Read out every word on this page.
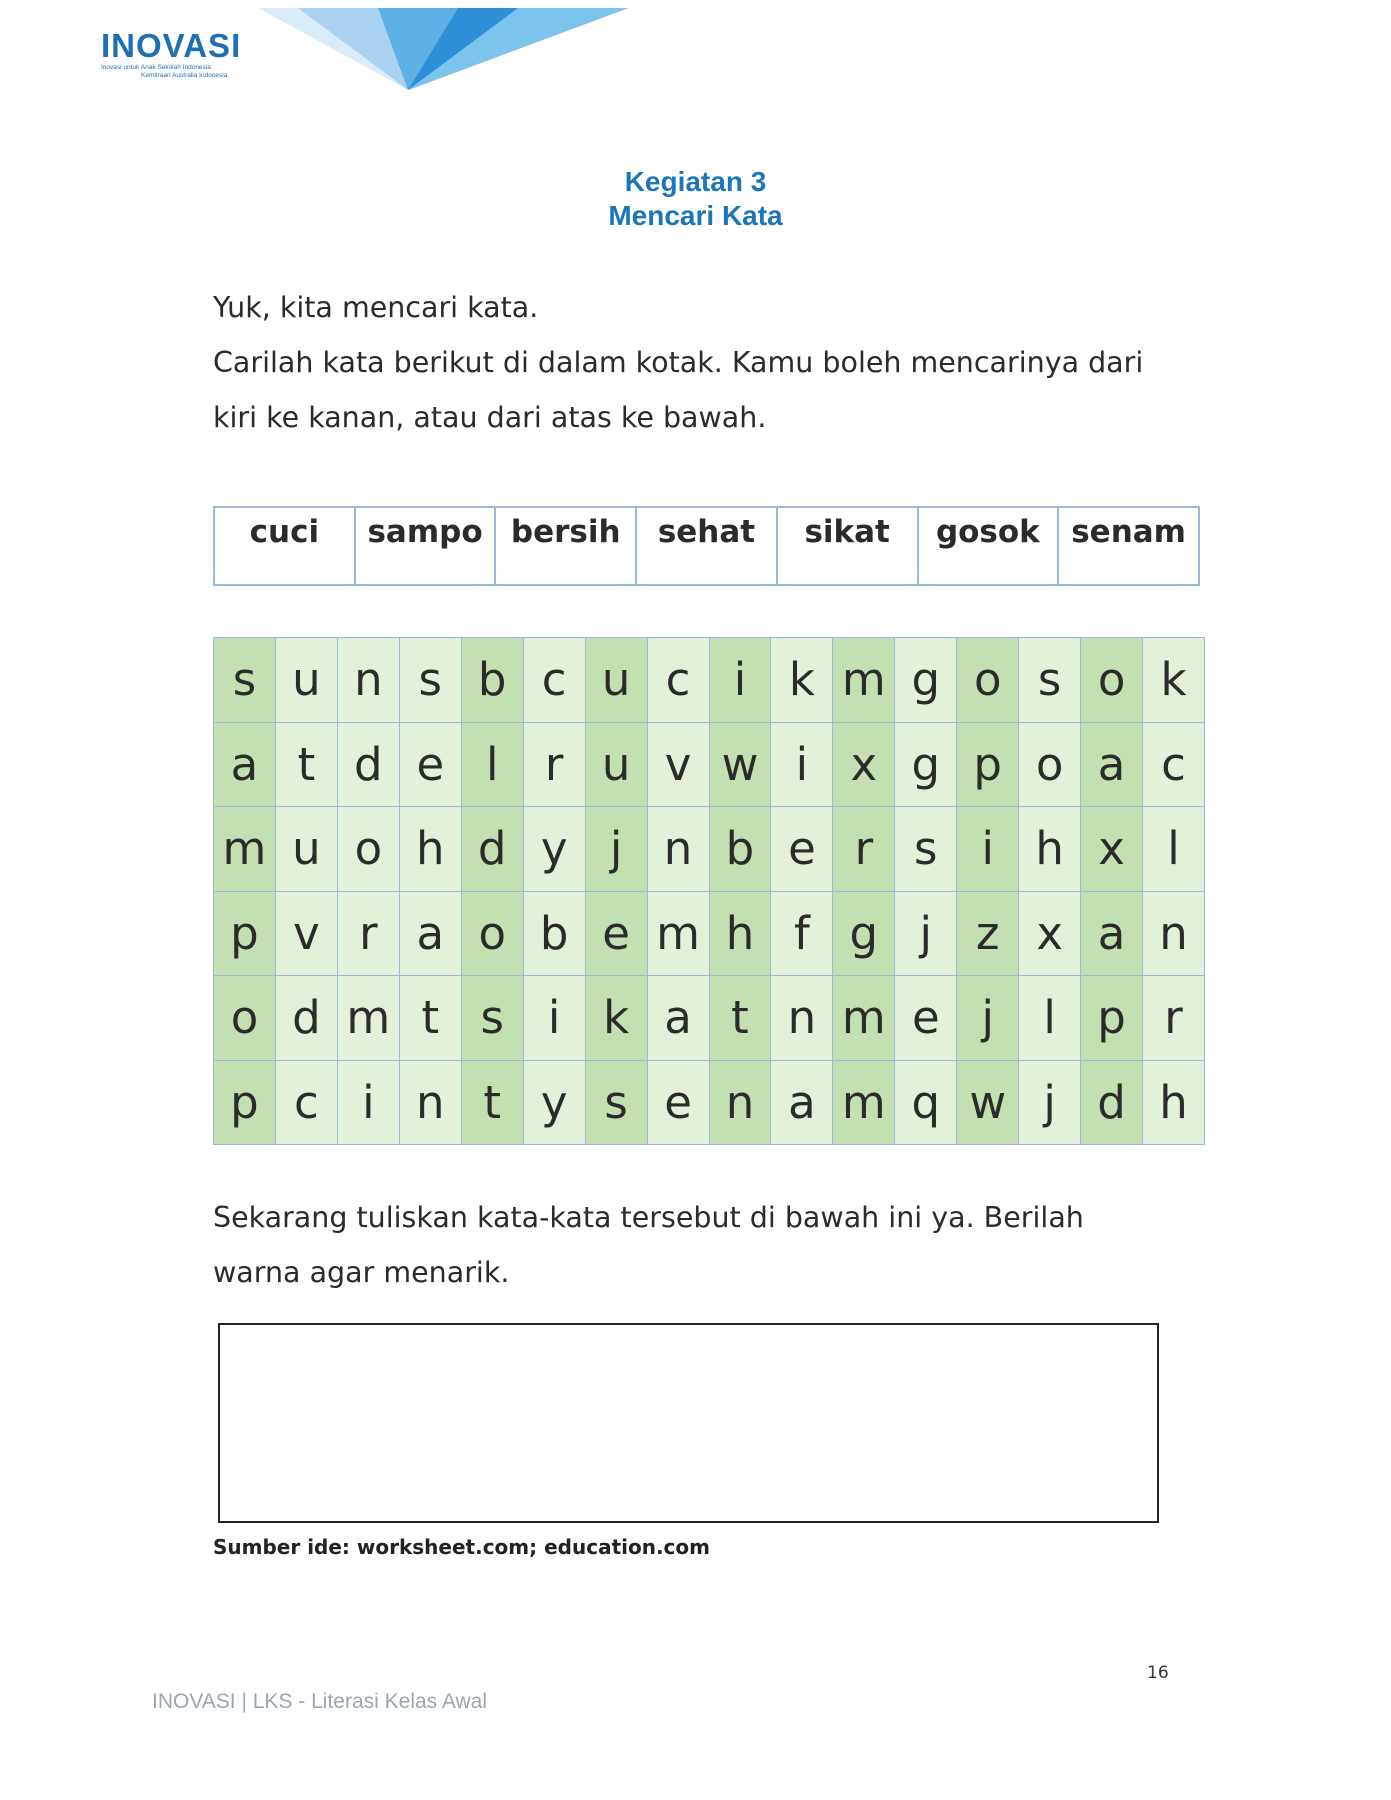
INOVASI
Inovasi untuk Anak Sekolah Indonesia
Kemitraan Australia Indonesia
Kegiatan 3
Mencari Kata
Yuk, kita mencari kata.
Carilah kata berikut di dalam kotak. Kamu boleh mencarinya dari
kiri ke kanan, atau dari atas ke bawah.
cuci	sampo	bersih	sehat	sikat	gosok	senam
s	u	n	s	b	c	u	c	i	k	m	g	o	s	o	k
a	t	d	e	l	r	u	v	w	i	x	g	p	o	a	c
m	u	o	h	d	y	j	n	b	e	r	s	i	h	x	l
p	v	r	a	o	b	e	m	h	f	g	j	z	x	a	n
o	d	m	t	s	i	k	a	t	n	m	e	j	l	p	r
p	c	i	n	t	y	s	e	n	a	m	q	w	j	d	h
Sekarang tuliskan kata-kata tersebut di bawah ini ya. Berilah
warna agar menarik.
Sumber ide: worksheet.com; education.com
16
INOVASI | LKS - Literasi Kelas Awal
